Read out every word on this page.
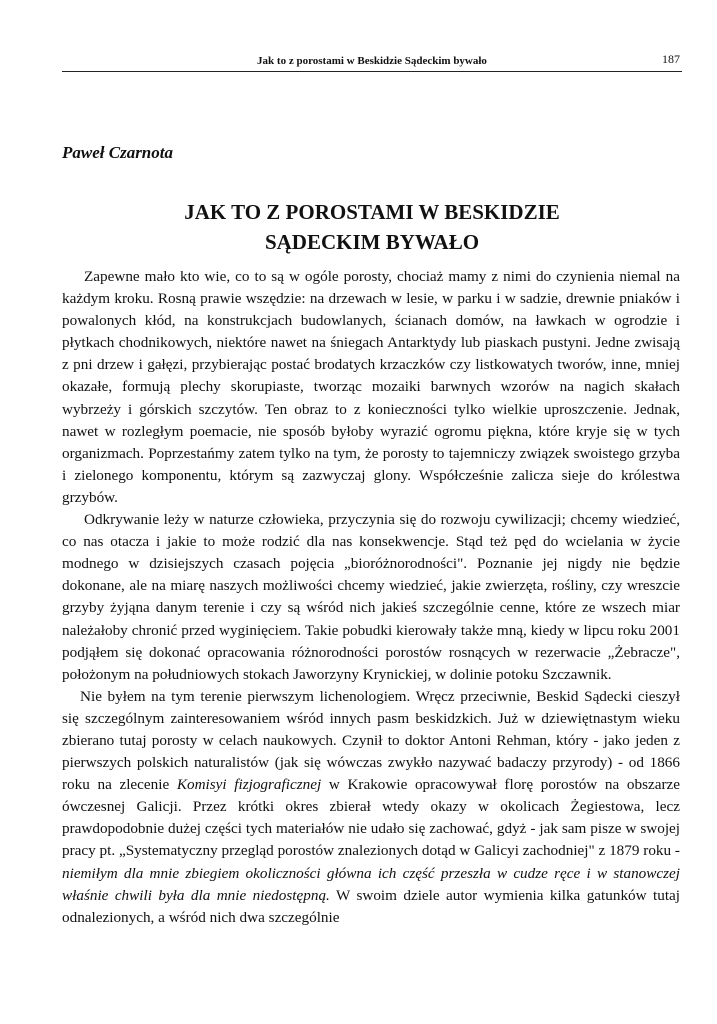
Jak to z porostami w Beskidzie Sądeckim bywało	187
Paweł Czarnota
JAK TO Z POROSTAMI W BESKIDZIE
SĄDECKIM BYWAŁO

Zapewne mało kto wie, co to są w ogóle porosty, chociaż mamy z nimi do czynienia niemal na każdym kroku. Rosną prawie wszędzie: na drzewach w lesie, w parku i w sadzie, drewnie pniaków i powalonych kłód, na konstrukcjach budowlanych, ścianach domów, na ławkach w ogrodzie i płytkach chodnikowych, niektóre nawet na śniegach Antarktydy lub piaskach pustyni. Jedne zwisają z pni drzew i gałęzi, przybierając postać brodatych krzaczków czy listkowatych tworów, inne, mniej okazałe, formują plechy skorupiaste, tworząc mozaiki barwnych wzorów na nagich skałach wybrzeży i górskich szczytów. Ten obraz to z konieczności tylko wielkie uproszczenie. Jednak, nawet w rozległym poemacie, nie sposób byłoby wyrazić ogromu piękna, które kryje się w tych organizmach. Poprzestańmy zatem tylko na tym, że porosty to tajemniczy związek swoistego grzyba i zielonego komponentu, którym są zazwyczaj glony. Współcześnie zalicza sieje do królestwa grzybów.

Odkrywanie leży w naturze człowieka, przyczynia się do rozwoju cywilizacji; chcemy wiedzieć, co nas otacza i jakie to może rodzić dla nas konsekwencje. Stąd też pęd do wcielania w życie modnego w dzisiejszych czasach pojęcia „bioróżnorodności". Poznanie jej nigdy nie będzie dokonane, ale na miarę naszych możliwości chcemy wiedzieć, jakie zwierzęta, rośliny, czy wreszcie grzyby żyjąna danym terenie i czy są wśród nich jakieś szczególnie cenne, które ze wszech miar należałoby chronić przed wyginięciem. Takie pobudki kierowały także mną, kiedy w lipcu roku 2001 podjąłem się dokonać opracowania różnorodności porostów rosnących w rezerwacie „Żebracze", położonym na południowych stokach Jaworzyny Krynickiej, w dolinie potoku Szczawnik.

Nie byłem na tym terenie pierwszym lichenologiem. Wręcz przeciwnie, Beskid Sądecki cieszył się szczególnym zainteresowaniem wśród innych pasm beskidzkich. Już w dziewiętnastym wieku zbierano tutaj porosty w celach naukowych. Czynił to doktor Antoni Rehman, który - jako jeden z pierwszych polskich naturalistów (jak się wówczas zwykło nazywać badaczy przyrody) - od 1866 roku na zlecenie Komisyi fizjograficznej w Krakowie opracowywał florę porostów na obszarze ówczesnej Galicji. Przez krótki okres zbierał wtedy okazy w okolicach Żegiestowa, lecz prawdopodobnie dużej części tych materiałów nie udało się zachować, gdyż - jak sam pisze w swojej pracy pt. „Systematyczny przegląd porostów znalezionych dotąd w Galicyi zachodniej" z 1879 roku - niemiłym dla mnie zbiegiem okoliczności główna ich część przeszła w cudze ręce i w stanowczej właśnie chwili była dla mnie niedostępną. W swoim dziele autor wymienia kilka gatunków tutaj odnalezionych, a wśród nich dwa szczególnie
